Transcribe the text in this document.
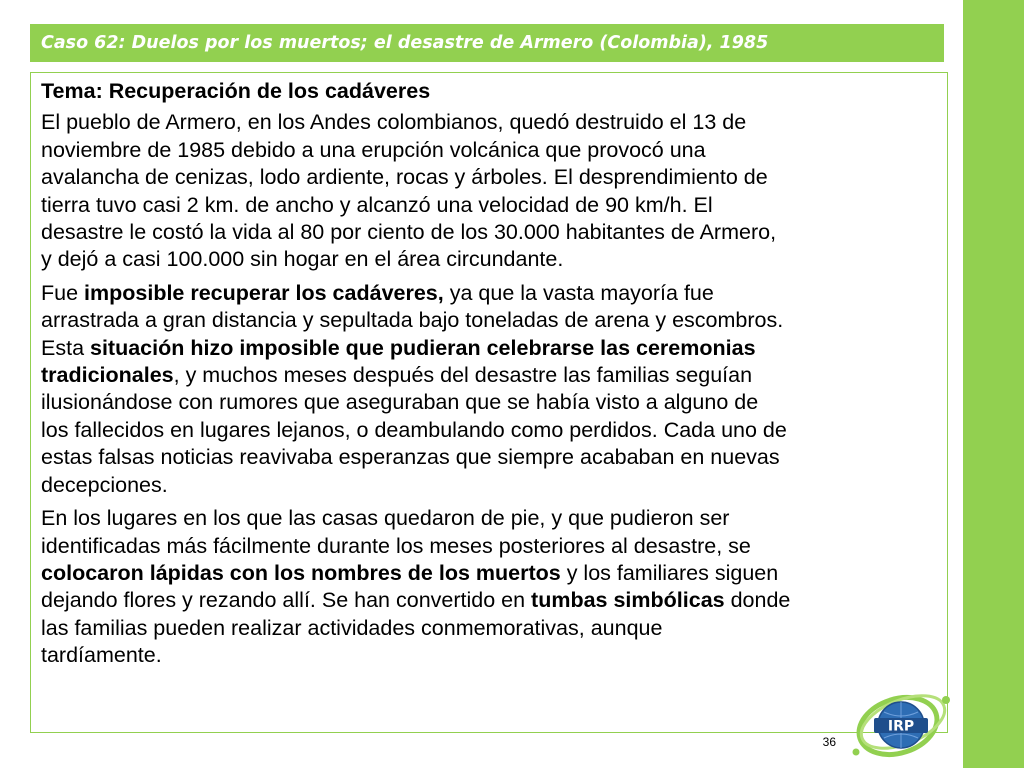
Caso 62: Duelos por los muertos; el desastre de Armero (Colombia), 1985

Tema: Recuperación de los cadáveres

El pueblo de Armero, en los Andes colombianos, quedó destruido el 13 de
noviembre de 1985 debido a una erupción volcánica que provocó una
avalancha de cenizas, lodo ardiente, rocas y árboles. El desprendimiento de
tierra tuvo casi 2 km. de ancho y alcanzó una velocidad de 90 km/h. El
desastre le costó la vida al 80 por ciento de los 30.000 habitantes de Armero,
y dejó a casi 100.000 sin hogar en el área circundante.

Fue imposible recuperar los cadáveres, ya que la vasta mayoría fue
arrastrada a gran distancia y sepultada bajo toneladas de arena y escombros.
Esta situación hizo imposible que pudieran celebrarse las ceremonias
tradicionales, y muchos meses después del desastre las familias seguían
ilusionándose con rumores que aseguraban que se había visto a alguno de
los fallecidos en lugares lejanos, o deambulando como perdidos. Cada uno de
estas falsas noticias reavivaba esperanzas que siempre acababan en nuevas
decepciones.

En los lugares en los que las casas quedaron de pie, y que pudieron ser
identificadas más fácilmente durante los meses posteriores al desastre, se
colocaron lápidas con los nombres de los muertos y los familiares siguen
dejando flores y rezando allí. Se han convertido en tumbas simbólicas donde
las familias pueden realizar actividades conmemorativas, aunque
tardíamente.

36
IRP
